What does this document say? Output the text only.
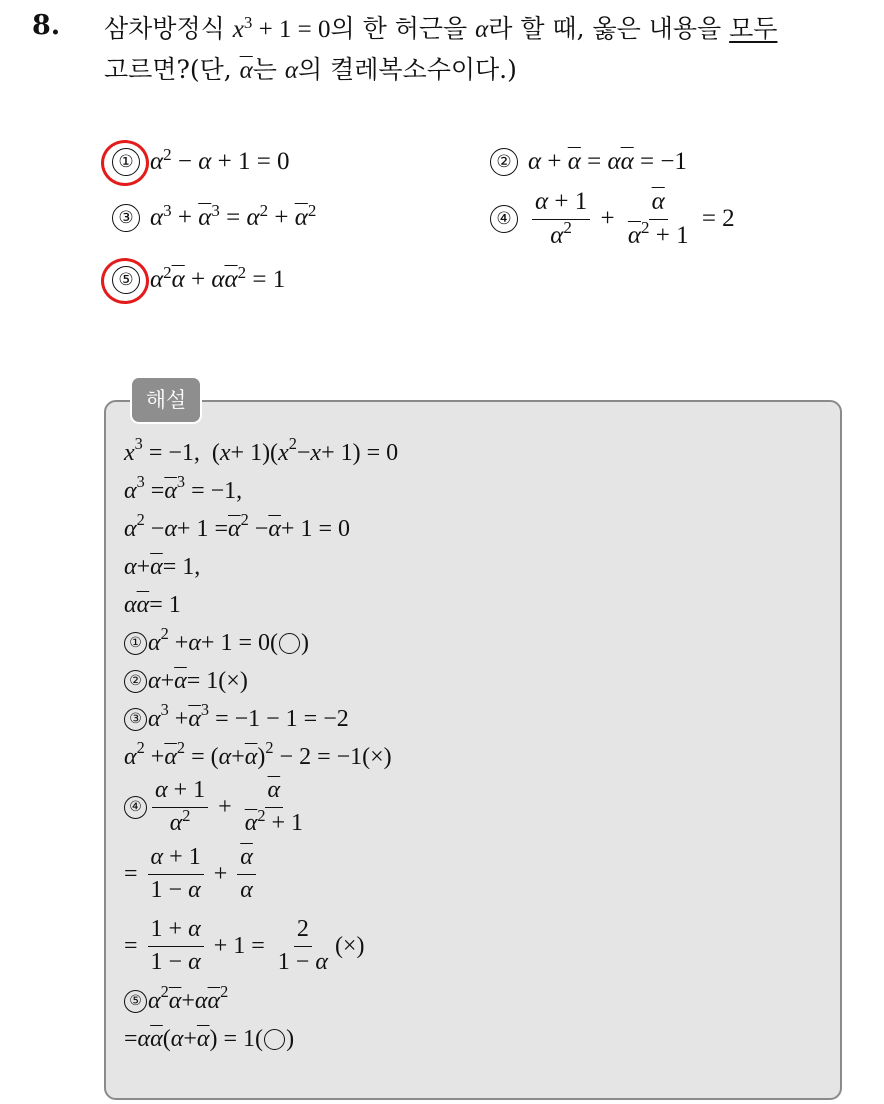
8. 삼차방정식 $x^3 + 1 = 0$의 한 허근을 α라 할 때, 옳은 내용을 모두
고르면?(단, $\overline{\alpha}$는 α의 켤레복소수이다.)
① $\alpha^2 - \alpha + 1 = 0$	② $\alpha + \overline{\alpha} = \alpha\overline{\alpha} = -1$
③ $\alpha^3 + \overline{\alpha}^3 = \alpha^2 + \overline{\alpha}^2$	④ $\frac{\alpha + 1}{\alpha^2} + \frac{\overline{\alpha}}{\overline{\alpha}^2 + 1} = 2$
⑤ $\alpha^2\overline{\alpha} + \alpha\overline{\alpha}^2 = 1$
해설
$x^3 = -1$,  ( x + 1)( $x^2 - x + 1) = 0$
$\alpha^3 = \overline{\alpha}^3 = -1$,
$\alpha^2 - \alpha + 1 = \overline{\alpha}^2 - \overline{\alpha} + 1 = 0$
$\alpha + \overline{\alpha} = 1$,
α $\overline{\alpha} = 1$
① $\alpha^2 + \alpha + 1 = 0$( )
② $\alpha + \overline{\alpha} = 1(\times)$
③ $\alpha^3 + \overline{\alpha}^3 = -1 - 1 = -2$
$\alpha^2 + \overline{\alpha}^2$ = ( $\alpha + \overline{\alpha}$ )$^2$ − 2 = −1(×)
④ $\frac{\alpha + 1}{\alpha^2} + \frac{\overline{\alpha}}{\overline{\alpha}^2 + 1}$
= $\frac{\alpha + 1}{1 - \alpha} + \frac{\overline{\alpha}}{\alpha}$
= $\frac{1 + \alpha}{1 - \alpha} + 1 = \frac{2}{1 - \alpha}$ (×)
⑤ $\alpha^2$ $\overline{\alpha} + \alpha$ $\overline{\alpha}^2$
= α $\overline{\alpha}$ ( $\alpha + \overline{\alpha}$ ) = 1( )
